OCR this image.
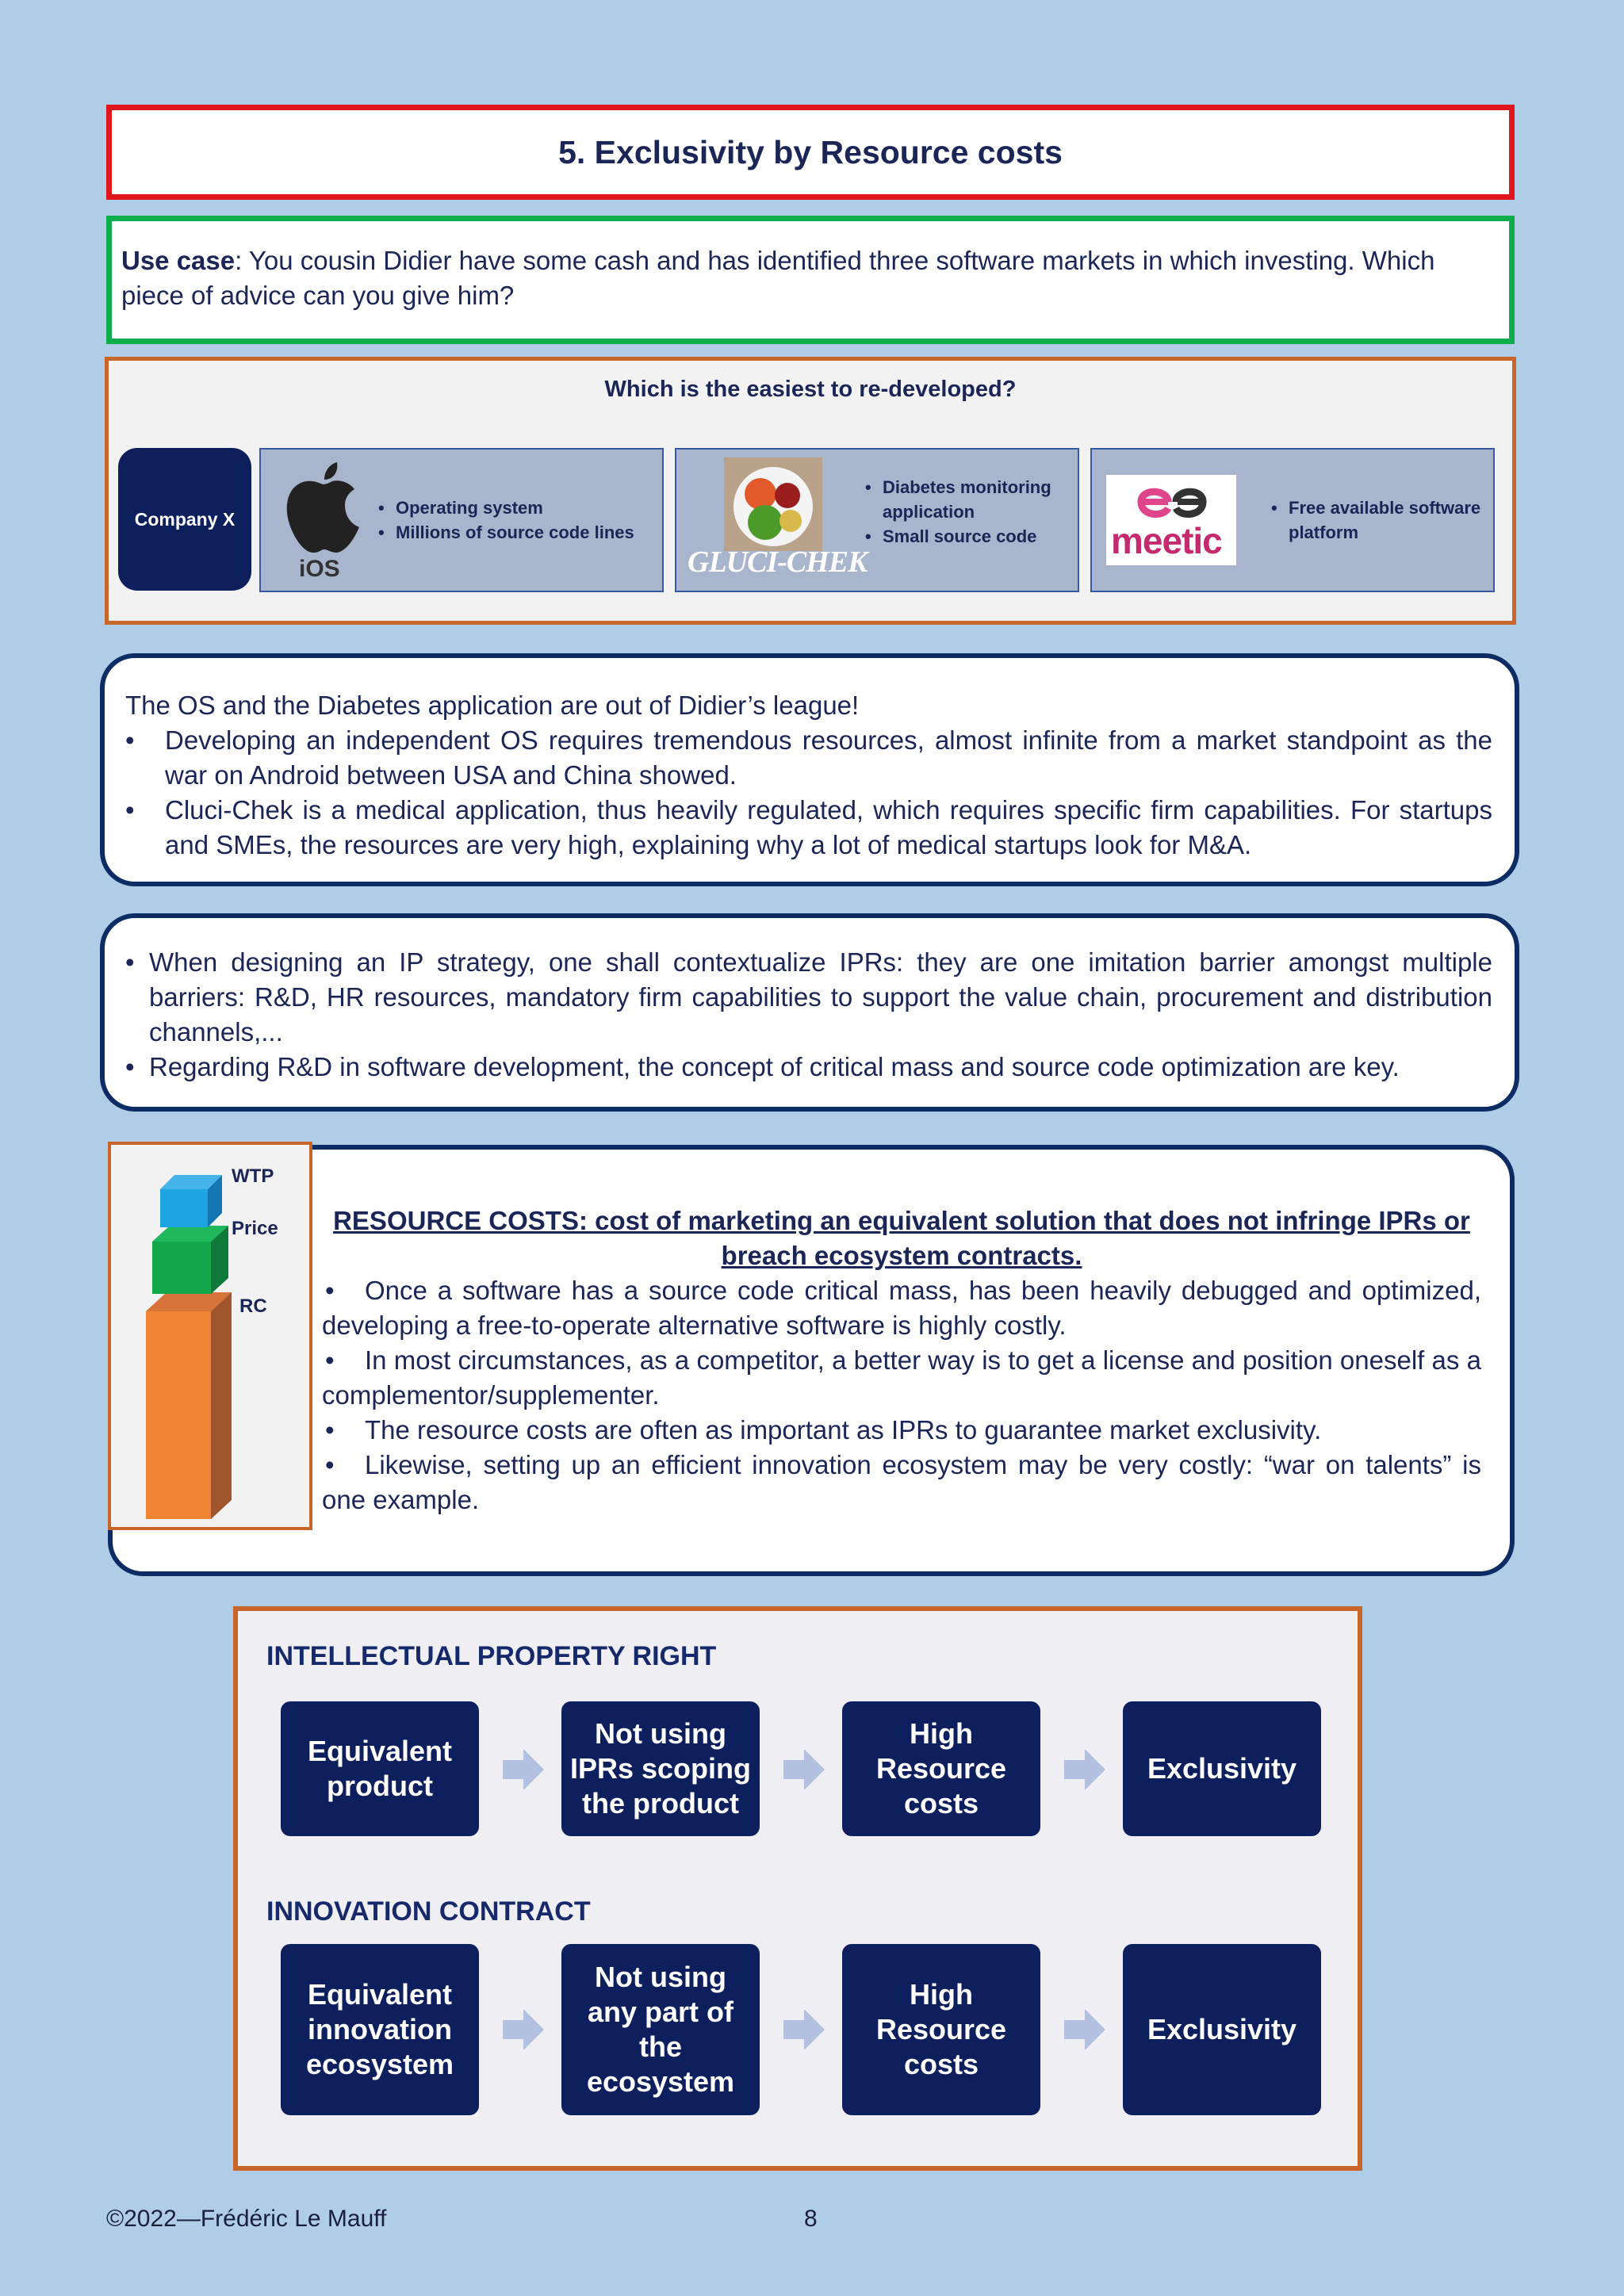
5. Exclusivity by Resource costs
Use case: You cousin Didier have some cash and has identified three software markets in which investing. Which piece of advice can you give him?
Which is the easiest to re-developed?
Company X
iOS
• Operating system
• Millions of source code lines
GLUCI-CHEK
• Diabetes monitoring application
• Small source code	meetic
• Free available software platform
The OS and the Diabetes application are out of Didier’s league!
• Developing an independent OS requires tremendous resources, almost infinite from a market standpoint as the war on Android between USA and China showed.
• Cluci-Chek is a medical application, thus heavily regulated, which requires specific firm capabilities. For startups and SMEs, the resources are very high, explaining why a lot of medical startups look for M&A.
• When designing an IP strategy, one shall contextualize IPRs: they are one imitation barrier amongst multiple barriers: R&D, HR resources, mandatory firm capabilities to support the value chain, procurement and distribution channels,...
• Regarding R&D in software development, the concept of critical mass and source code optimization are key.

RESOURCE COSTS: cost of marketing an equivalent solution that does not infringe IPRs or breach ecosystem contracts.

• Once a software has a source code critical mass, has been heavily debugged and optimized, developing a free-to-operate alternative software is highly costly.

• In most circumstances, as a competitor, a better way is to get a license and position oneself as a complementor/supplementer.

• The resource costs are often as important as IPRs to guarantee market exclusivity.

• Likewise, setting up an efficient innovation ecosystem may be very costly: “war on talents” is one example.

WTP
Price
RC
INTELLECTUAL PROPERTY RIGHT
Equivalent product
Not using IPRs scoping the product
High Resource costs
Exclusivity
INNOVATION CONTRACT
Equivalent innovation ecosystem
Not using any part of the ecosystem
High Resource costs
Exclusivity
©2022—Frédéric Le Mauff	8
